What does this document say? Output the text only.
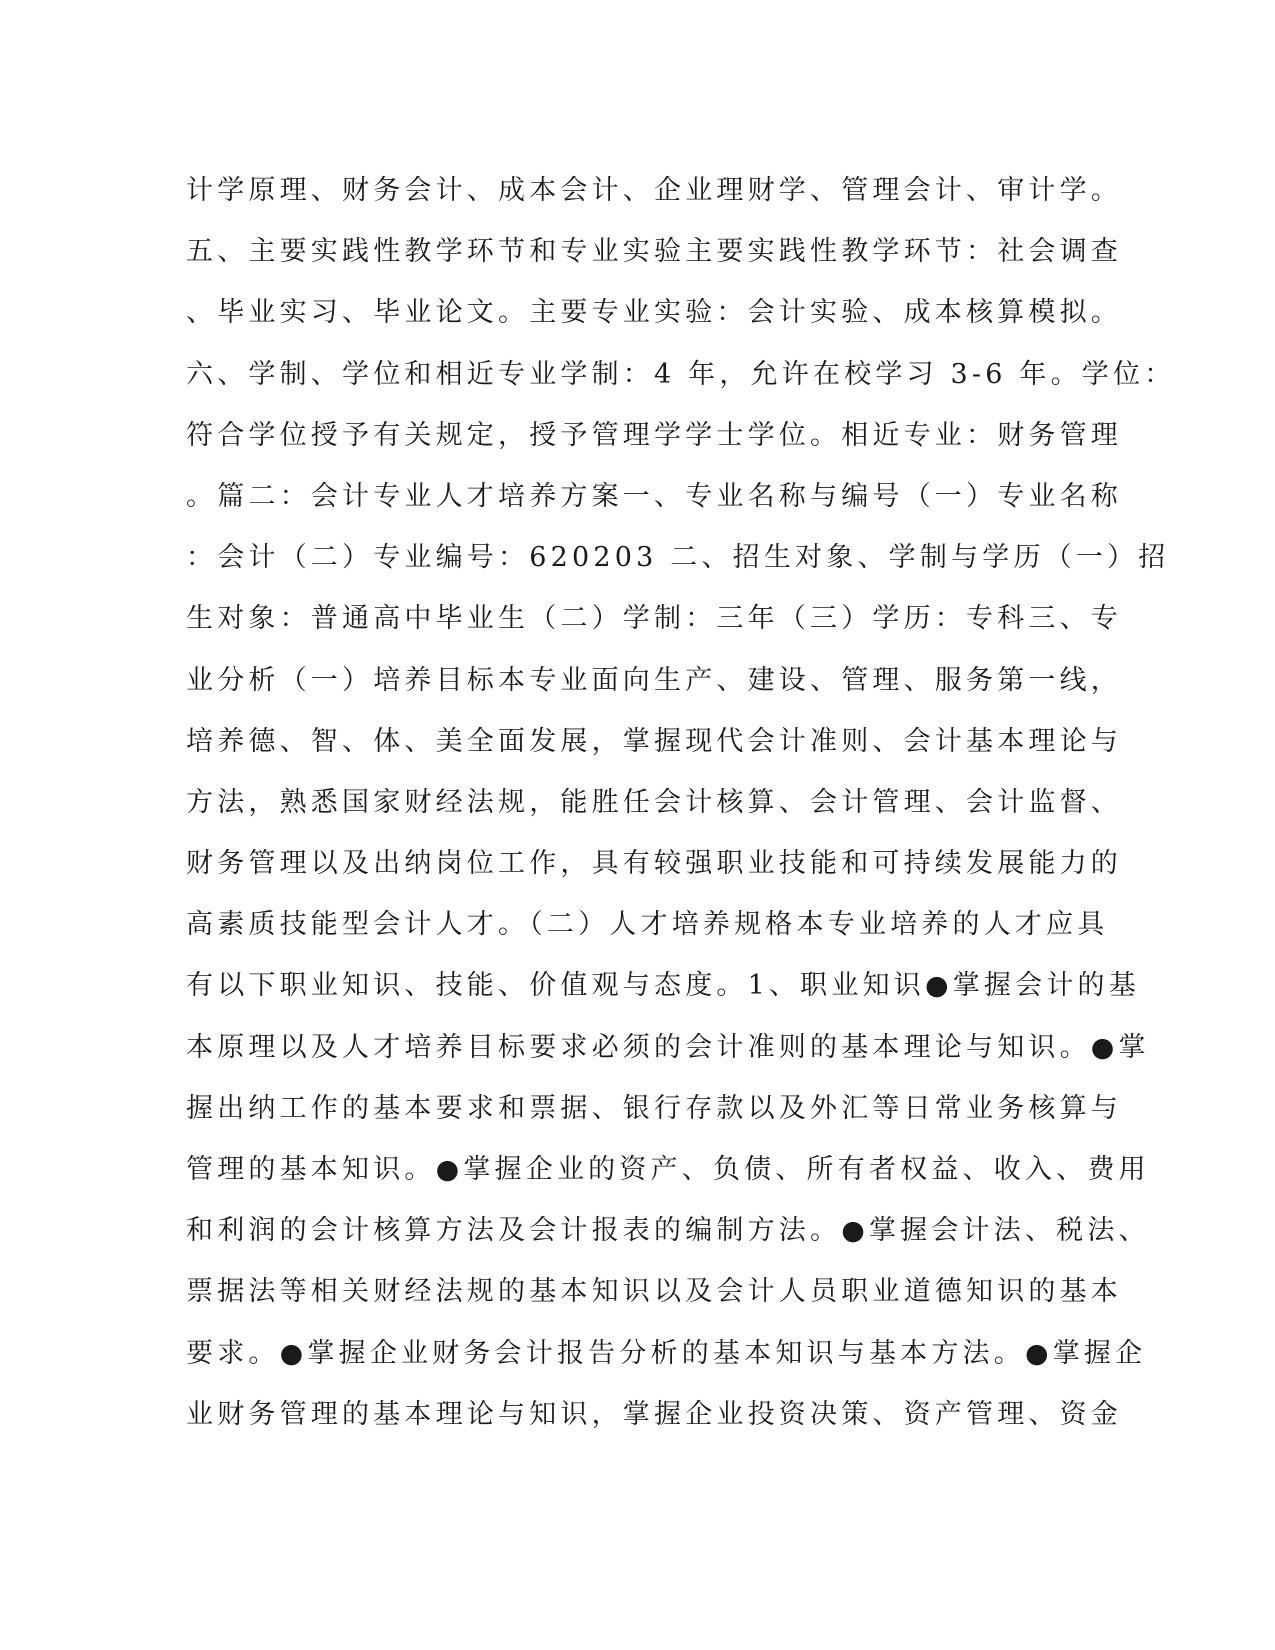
计学原理、财务会计、成本会计、企业理财学、管理会计、审计学。
五、主要实践性教学环节和专业实验主要实践性教学环节：社会调查
、毕业实习、毕业论文。主要专业实验：会计实验、成本核算模拟。
六、学制、学位和相近专业学制：4 年，允许在校学习 3-6 年。学位：
符合学位授予有关规定，授予管理学学士学位。相近专业：财务管理
。篇二：会计专业人才培养方案一、专业名称与编号（一）专业名称
：会计（二）专业编号：620203 二、招生对象、学制与学历（一）招
生对象：普通高中毕业生（二）学制：三年（三）学历：专科三、专
业分析（一）培养目标本专业面向生产、建设、管理、服务第一线，
培养德、智、体、美全面发展，掌握现代会计准则、会计基本理论与
方法，熟悉国家财经法规，能胜任会计核算、会计管理、会计监督、
财务管理以及出纳岗位工作，具有较强职业技能和可持续发展能力的
高素质技能型会计人才。（二）人才培养规格本专业培养的人才应具
有以下职业知识、技能、价值观与态度。1、职业知识●掌握会计的基
本原理以及人才培养目标要求必须的会计准则的基本理论与知识。●掌
握出纳工作的基本要求和票据、银行存款以及外汇等日常业务核算与
管理的基本知识。●掌握企业的资产、负债、所有者权益、收入、费用
和利润的会计核算方法及会计报表的编制方法。●掌握会计法、税法、
票据法等相关财经法规的基本知识以及会计人员职业道德知识的基本
要求。●掌握企业财务会计报告分析的基本知识与基本方法。●掌握企
业财务管理的基本理论与知识，掌握企业投资决策、资产管理、资金
